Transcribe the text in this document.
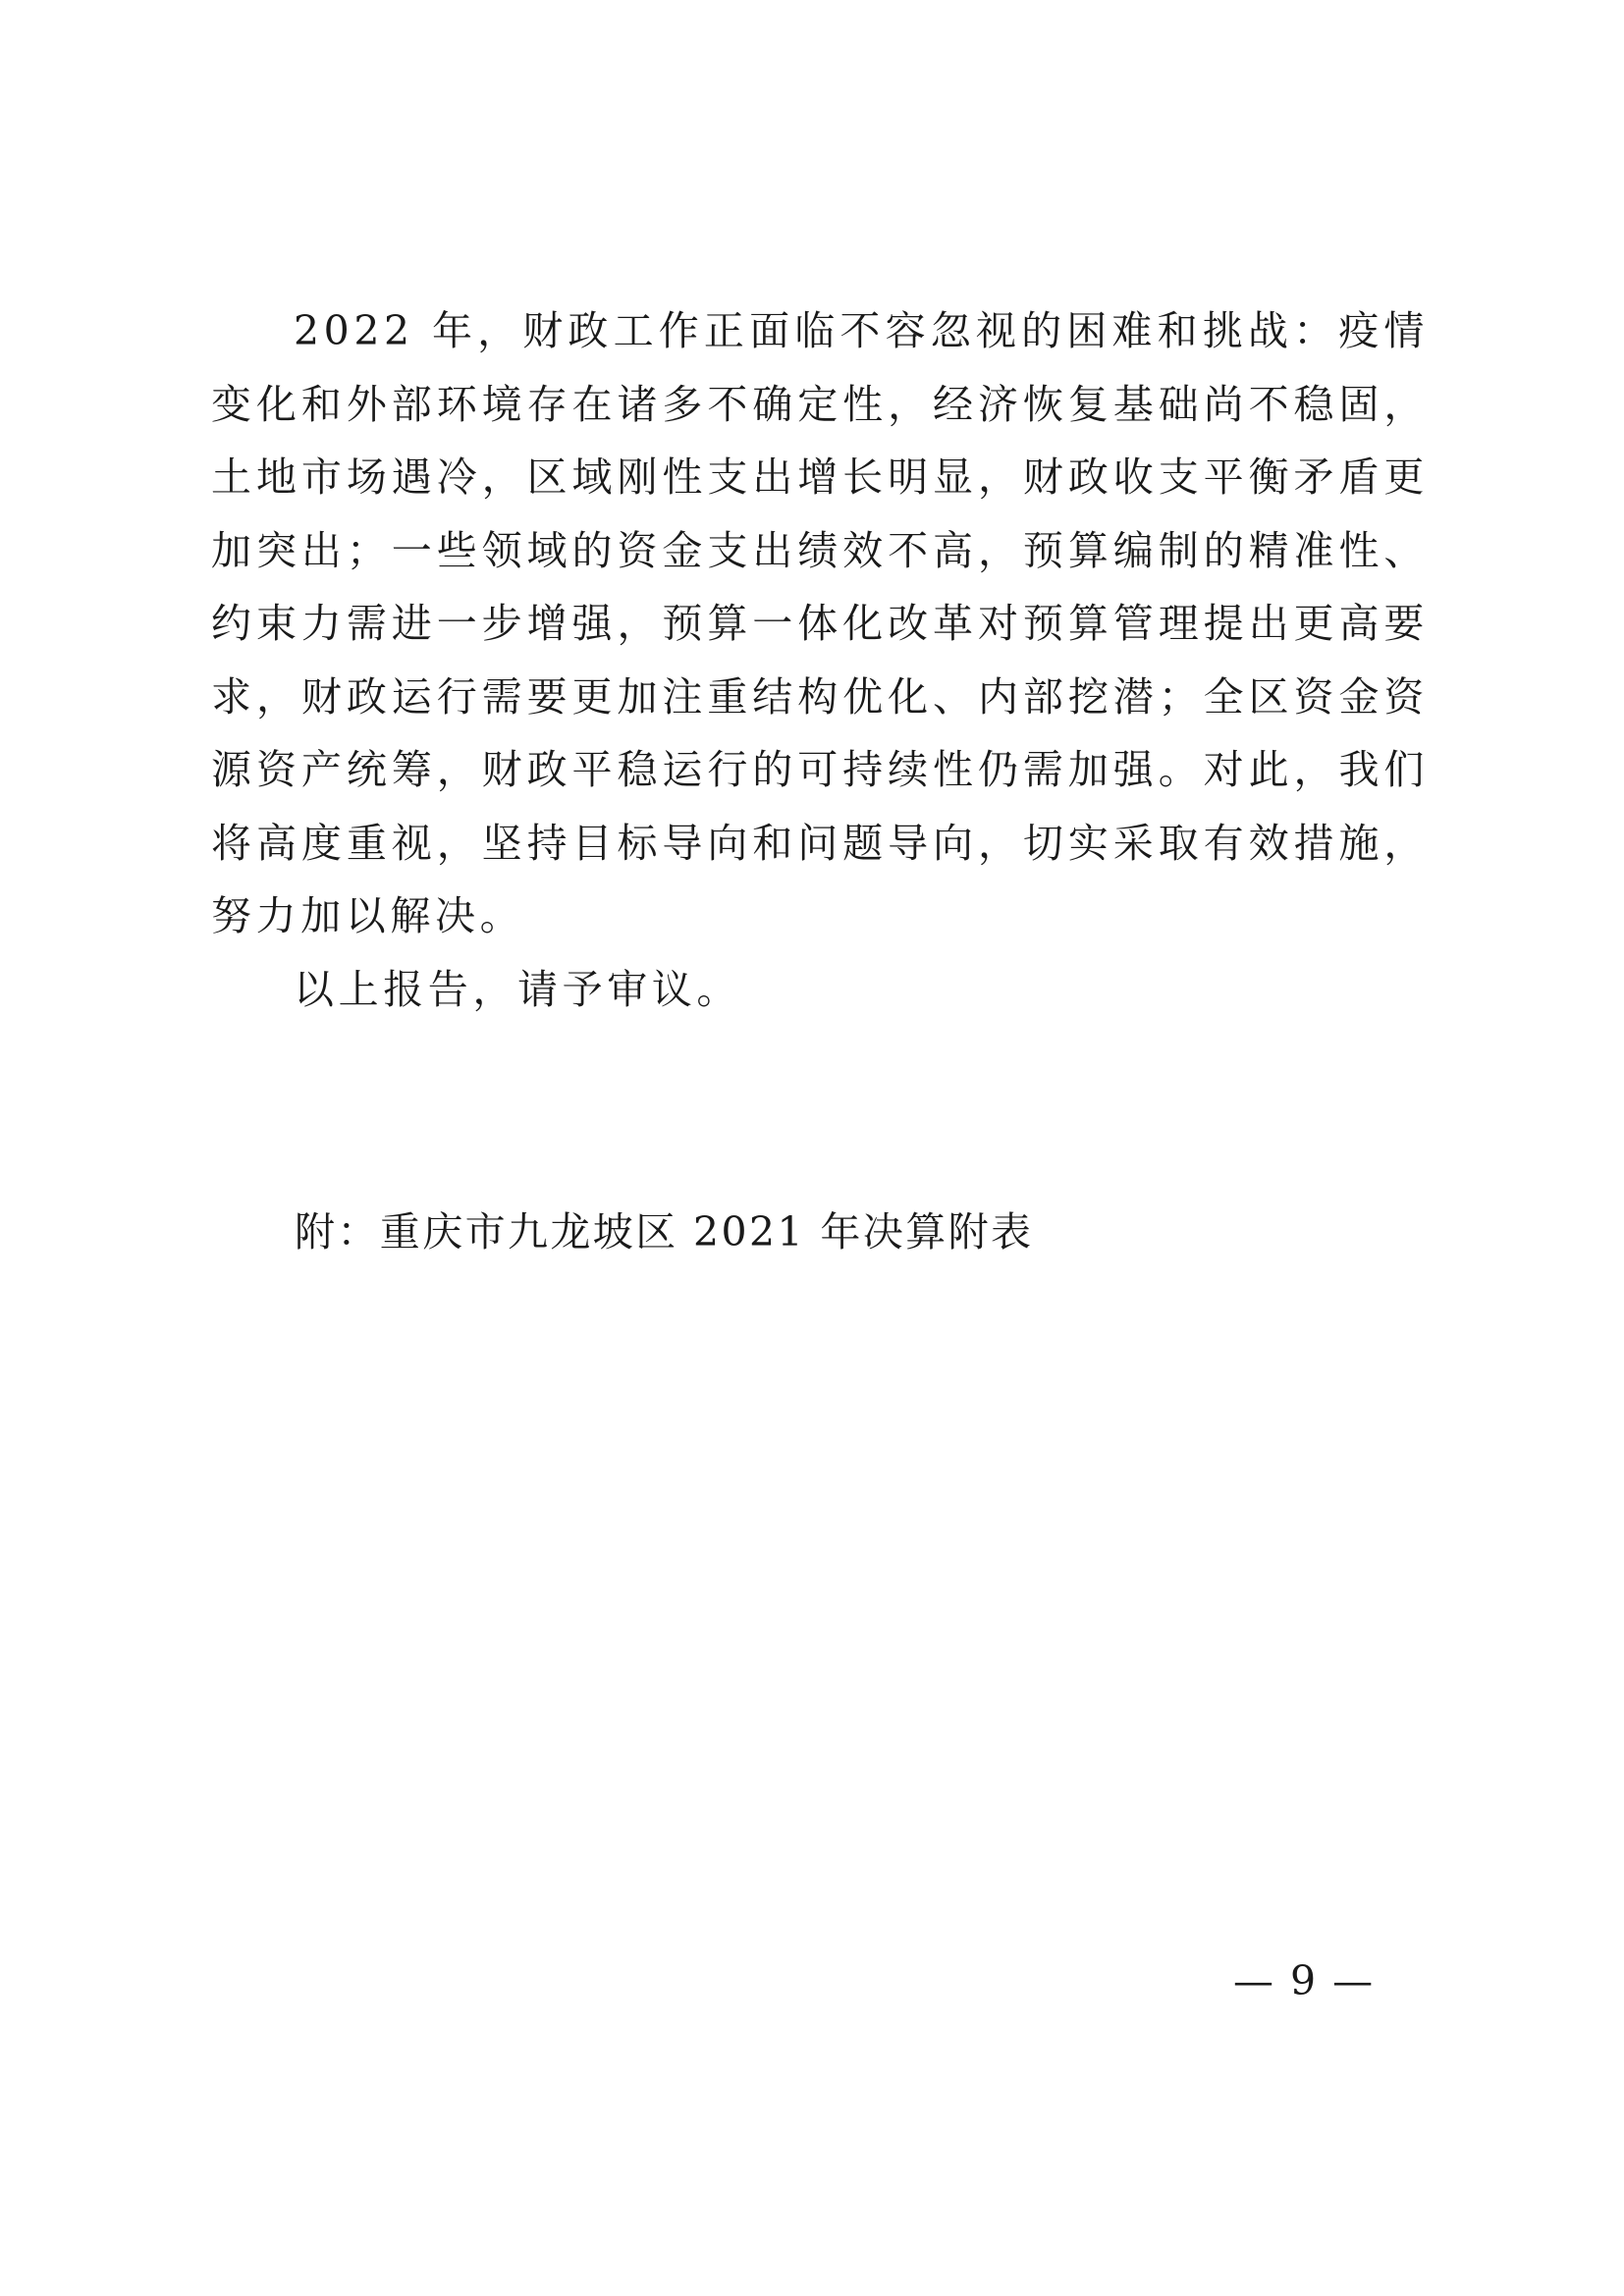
2022 年，财政工作正面临不容忽视的困难和挑战：疫情变化和外部环境存在诸多不确定性，经济恢复基础尚不稳固，土地市场遇冷，区域刚性支出增长明显，财政收支平衡矛盾更加突出；一些领域的资金支出绩效不高，预算编制的精准性、约束力需进一步增强，预算一体化改革对预算管理提出更高要求，财政运行需要更加注重结构优化、内部挖潜；全区资金资源资产统筹，财政平稳运行的可持续性仍需加强。对此，我们将高度重视，坚持目标导向和问题导向，切实采取有效措施，努力加以解决。

以上报告，请予审议。

附：重庆市九龙坡区 2021 年决算附表

— 9 —
